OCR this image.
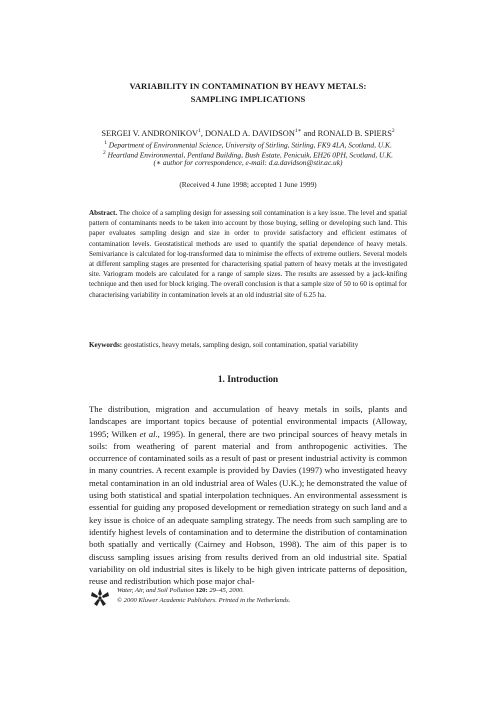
VARIABILITY IN CONTAMINATION BY HEAVY METALS:
SAMPLING IMPLICATIONS
SERGEI V. ANDRONIKOV$^1$, DONALD A. $DAVIDSON^{1∗}$ and RONALD B. SPIERS$^2$
$^1$ Department of Environmental Science, University of Stirling, Stirling, FK9 4LA, Scotland, U.K.
$^2$ Heartland Environmental, Pentland Building, Bush Estate, Penicuik, EH26 0PH, Scotland, U.K.
(∗ author for correspondence, e-mail: d.a.davidson@stir.ac.uk)
(Received 4 June 1998; accepted 1 June 1999)
Abstract. The choice of a sampling design for assessing soil contamination is a key issue. The level and spatial pattern of contaminants needs to be taken into account by those buying, selling or developing such land. This paper evaluates sampling design and size in order to provide satisfactory and efficient estimates of contamination levels. Geostatistical methods are used to quantify the spatial dependence of heavy metals. Semivariance is calculated for log-transformed data to minimise the effects of extreme outliers. Several models at different sampling stages are presented for characterising spatial pattern of heavy metals at the investigated site. Variogram models are calculated for a range of sample sizes. The results are assessed by a jack-knifing technique and then used for block kriging. The overall conclusion is that a sample size of 50 to 60 is optimal for characterising variability in contamination levels at an old industrial site of 6.25 ha.
Keywords: geostatistics, heavy metals, sampling design, soil contamination, spatial variability
1. Introduction
The distribution, migration and accumulation of heavy metals in soils, plants and landscapes are important topics because of potential environmental impacts (Alloway, 1995; Wilken et al., 1995). In general, there are two principal sources of heavy metals in soils: from weathering of parent material and from anthropogenic activities. The occurrence of contaminated soils as a result of past or present industrial activity is common in many countries. A recent example is provided by Davies (1997) who investigated heavy metal contamination in an old industrial area of Wales (U.K.); he demonstrated the value of using both statistical and spatial interpolation techniques. An environmental assessment is essential for guiding any proposed development or remediation strategy on such land and a key issue is choice of an adequate sampling strategy. The needs from such sampling are to identify highest levels of contamination and to determine the distribution of contamination both spatially and vertically (Cairney and Hobson, 1998). The aim of this paper is to discuss sampling issues arising from results derived from an old industrial site. Spatial variability on old industrial sites is likely to be high given intricate patterns of deposition, reuse and redistribution which pose major chal-
Water, Air, and Soil Pollution 120: 29–45, 2000.
© 2000 Kluwer Academic Publishers. Printed in the Netherlands.
